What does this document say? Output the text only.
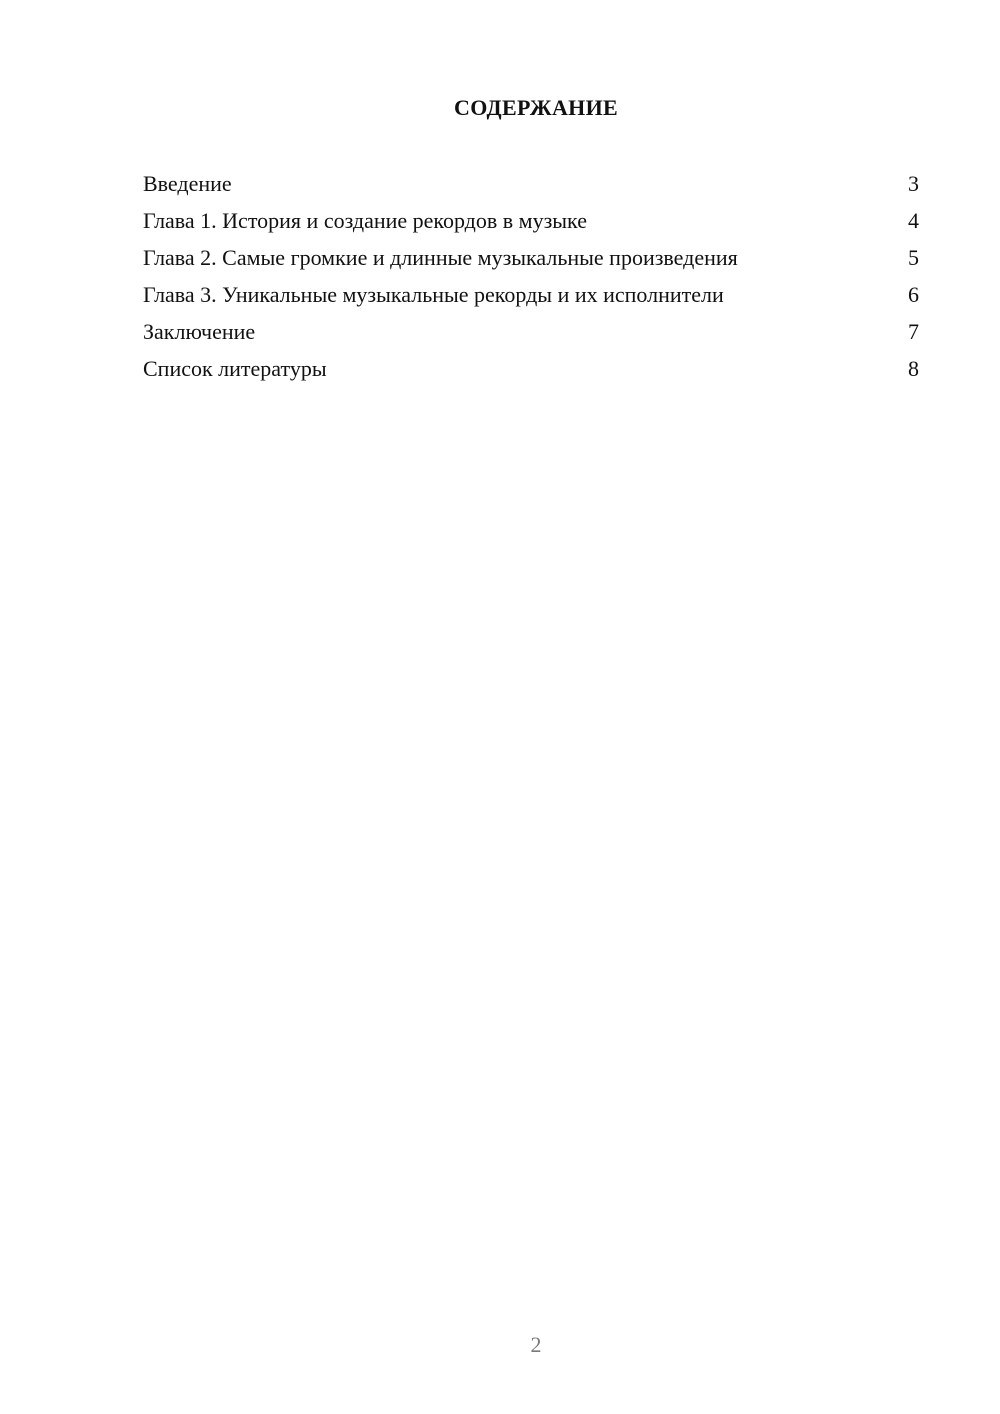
СОДЕРЖАНИЕ
Введение	3
Глава 1. История и создание рекордов в музыке	4
Глава 2. Самые громкие и длинные музыкальные произведения	5
Глава 3. Уникальные музыкальные рекорды и их исполнители	6
Заключение	7
Список литературы	8
2
